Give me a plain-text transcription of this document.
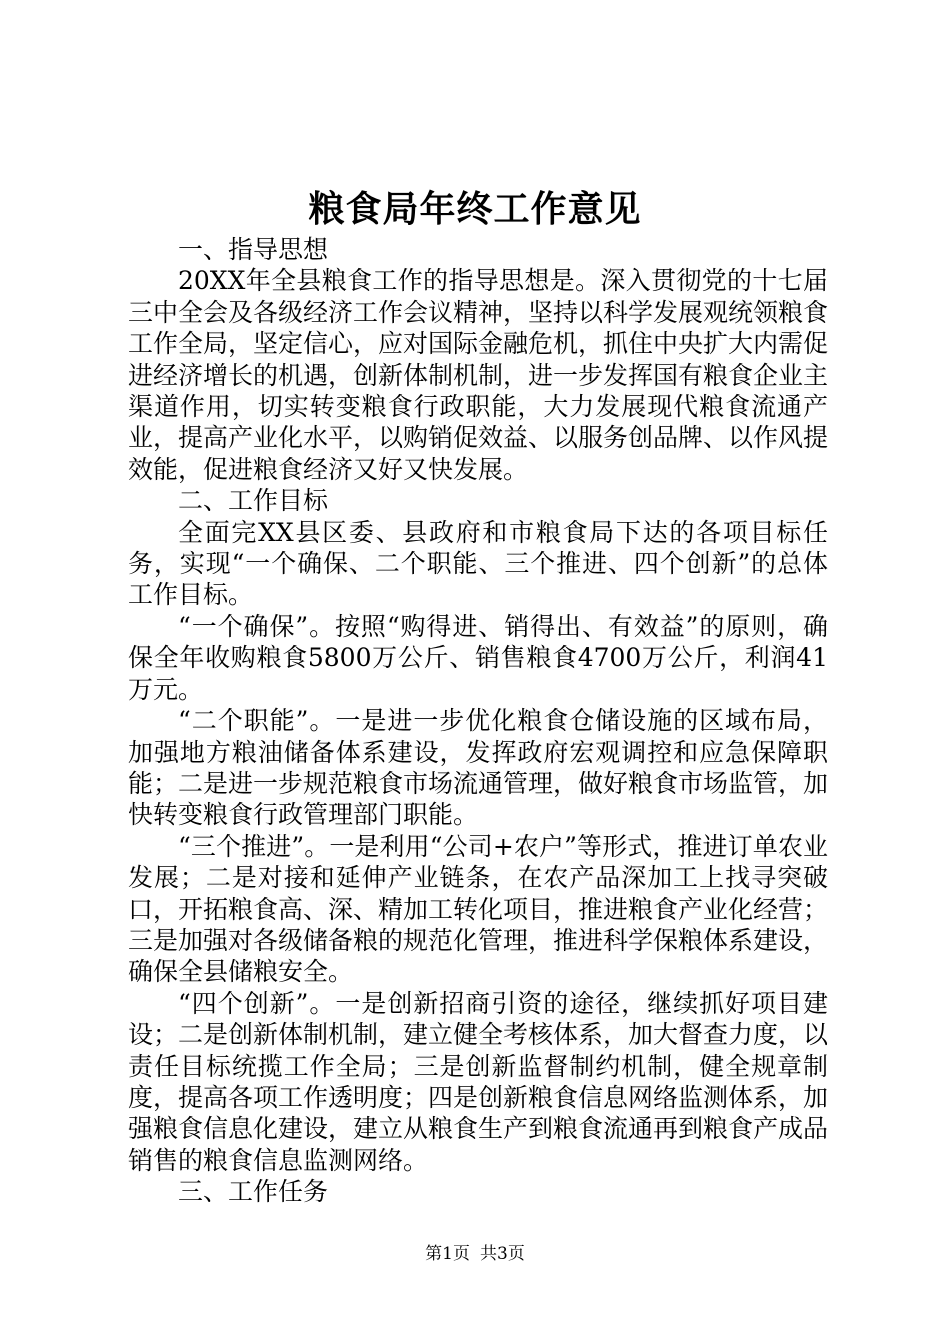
粮食局年终工作意见

一、指导思想

20XX年全县粮食工作的指导思想是。深入贯彻党的十七届三中全会及各级经济工作会议精神，坚持以科学发展观统领粮食工作全局，坚定信心，应对国际金融危机，抓住中央扩大内需促进经济增长的机遇，创新体制机制，进一步发挥国有粮食企业主渠道作用，切实转变粮食行政职能，大力发展现代粮食流通产业，提高产业化水平，以购销促效益、以服务创品牌、以作风提效能，促进粮食经济又好又快发展。

二、工作目标

全面完XX县区委、县政府和市粮食局下达的各项目标任务，实现“一个确保、二个职能、三个推进、四个创新”的总体工作目标。

“一个确保”。按照“购得进、销得出、有效益”的原则，确保全年收购粮食5800万公斤、销售粮食4700万公斤，利润41万元。

“二个职能”。一是进一步优化粮食仓储设施的区域布局，加强地方粮油储备体系建设，发挥政府宏观调控和应急保障职能；二是进一步规范粮食市场流通管理，做好粮食市场监管，加快转变粮食行政管理部门职能。

“三个推进”。一是利用“公司+农户”等形式，推进订单农业发展；二是对接和延伸产业链条，在农产品深加工上找寻突破口，开拓粮食高、深、精加工转化项目，推进粮食产业化经营；三是加强对各级储备粮的规范化管理，推进科学保粮体系建设，确保全县储粮安全。

“四个创新”。一是创新招商引资的途径，继续抓好项目建设；二是创新体制机制，建立健全考核体系，加大督查力度，以责任目标统揽工作全局；三是创新监督制约机制，健全规章制度，提高各项工作透明度；四是创新粮食信息网络监测体系，加强粮食信息化建设，建立从粮食生产到粮食流通再到粮食产成品销售的粮食信息监测网络。

三、工作任务

第1页 共3页
